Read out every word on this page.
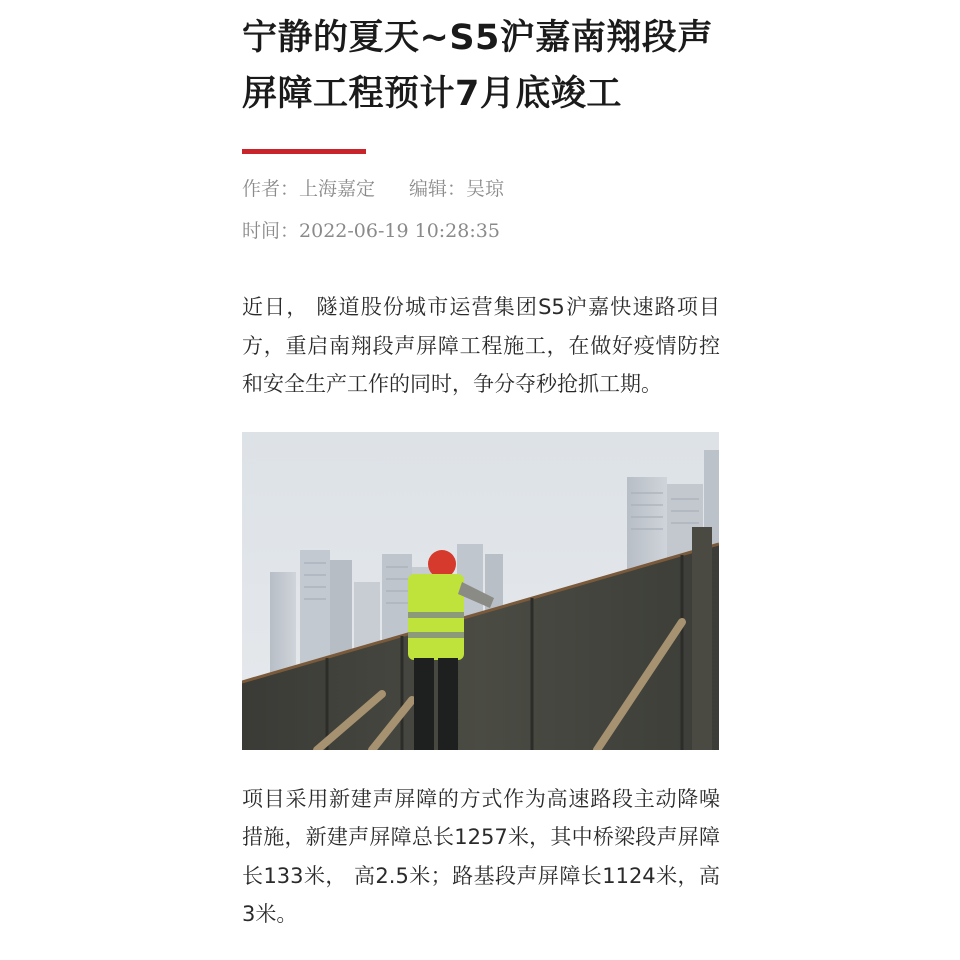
宁静的夏天~S5沪嘉南翔段声屏障工程预计7月底竣工
作者：上海嘉定 编辑：吴琼
时间：2022-06-19 10:28:35

近日， 隧道股份城市运营集团S5沪嘉快速路项目方，重启南翔段声屏障工程施工，在做好疫情防控和安全生产工作的同时，争分夺秒抢抓工期。

项目采用新建声屏障的方式作为高速路段主动降噪措施，新建声屏障总长1257米，其中桥梁段声屏障长133米， 高2.5米；路基段声屏障长1124米，高3米。
